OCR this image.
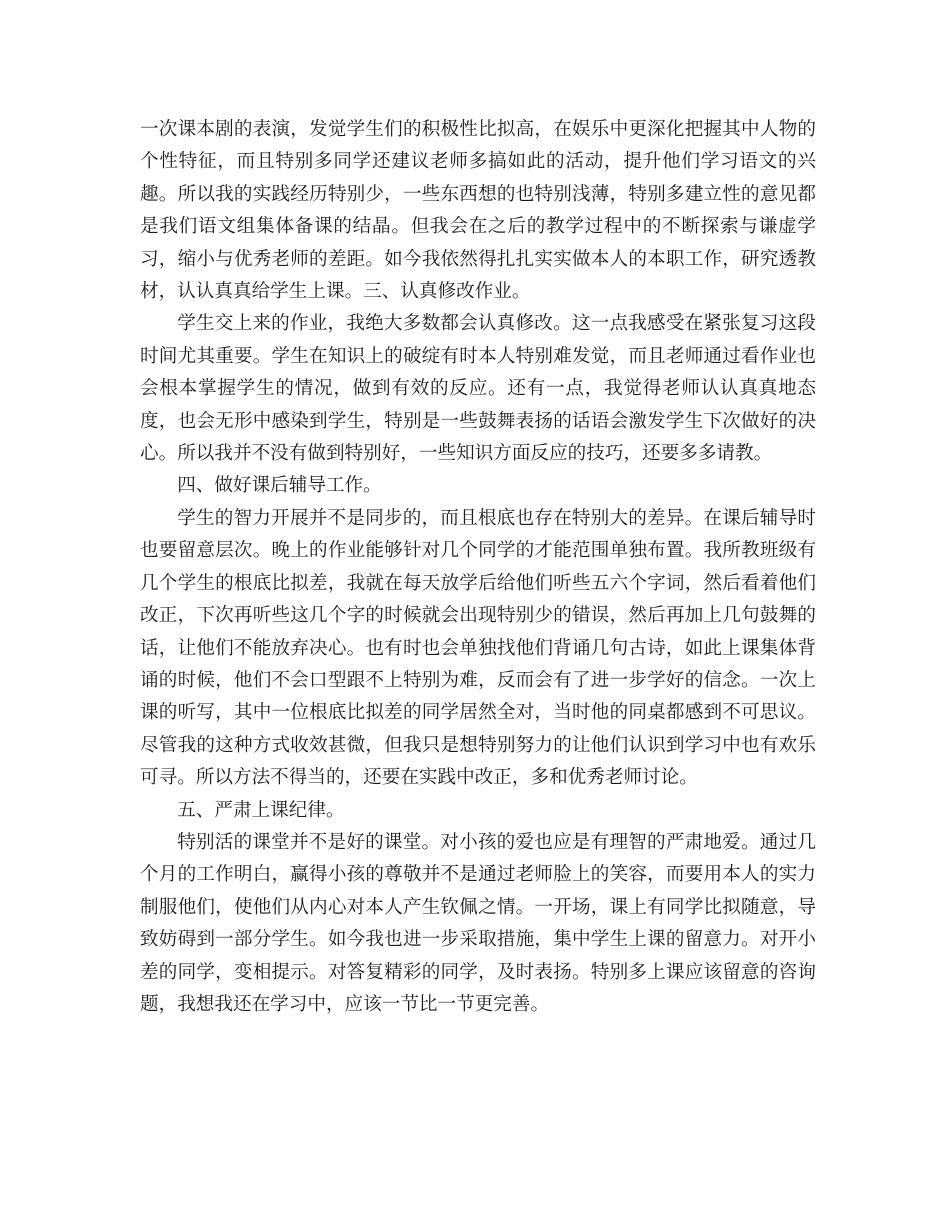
一次课本剧的表演，发觉学生们的积极性比拟高，在娱乐中更深化把握其中人物的个性特征，而且特别多同学还建议老师多搞如此的活动，提升他们学习语文的兴趣。所以我的实践经历特别少，一些东西想的也特别浅薄，特别多建立性的意见都是我们语文组集体备课的结晶。但我会在之后的教学过程中的不断探索与谦虚学习，缩小与优秀老师的差距。如今我依然得扎扎实实做本人的本职工作，研究透教材，认认真真给学生上课。三、认真修改作业。

学生交上来的作业，我绝大多数都会认真修改。这一点我感受在紧张复习这段时间尤其重要。学生在知识上的破绽有时本人特别难发觉，而且老师通过看作业也会根本掌握学生的情况，做到有效的反应。还有一点，我觉得老师认认真真地态度，也会无形中感染到学生，特别是一些鼓舞表扬的话语会激发学生下次做好的决心。所以我并不没有做到特别好，一些知识方面反应的技巧，还要多多请教。

四、做好课后辅导工作。

学生的智力开展并不是同步的，而且根底也存在特别大的差异。在课后辅导时也要留意层次。晚上的作业能够针对几个同学的才能范围单独布置。我所教班级有几个学生的根底比拟差，我就在每天放学后给他们听些五六个字词，然后看着他们改正，下次再听些这几个字的时候就会出现特别少的错误，然后再加上几句鼓舞的话，让他们不能放弃决心。也有时也会单独找他们背诵几句古诗，如此上课集体背诵的时候，他们不会口型跟不上特别为难，反而会有了进一步学好的信念。一次上课的听写，其中一位根底比拟差的同学居然全对，当时他的同桌都感到不可思议。尽管我的这种方式收效甚微，但我只是想特别努力的让他们认识到学习中也有欢乐可寻。所以方法不得当的，还要在实践中改正，多和优秀老师讨论。

五、严肃上课纪律。

特别活的课堂并不是好的课堂。对小孩的爱也应是有理智的严肃地爱。通过几个月的工作明白，赢得小孩的尊敬并不是通过老师脸上的笑容，而要用本人的实力制服他们，使他们从内心对本人产生钦佩之情。一开场，课上有同学比拟随意，导致妨碍到一部分学生。如今我也进一步采取措施，集中学生上课的留意力。对开小差的同学，变相提示。对答复精彩的同学，及时表扬。特别多上课应该留意的咨询题，我想我还在学习中，应该一节比一节更完善。
